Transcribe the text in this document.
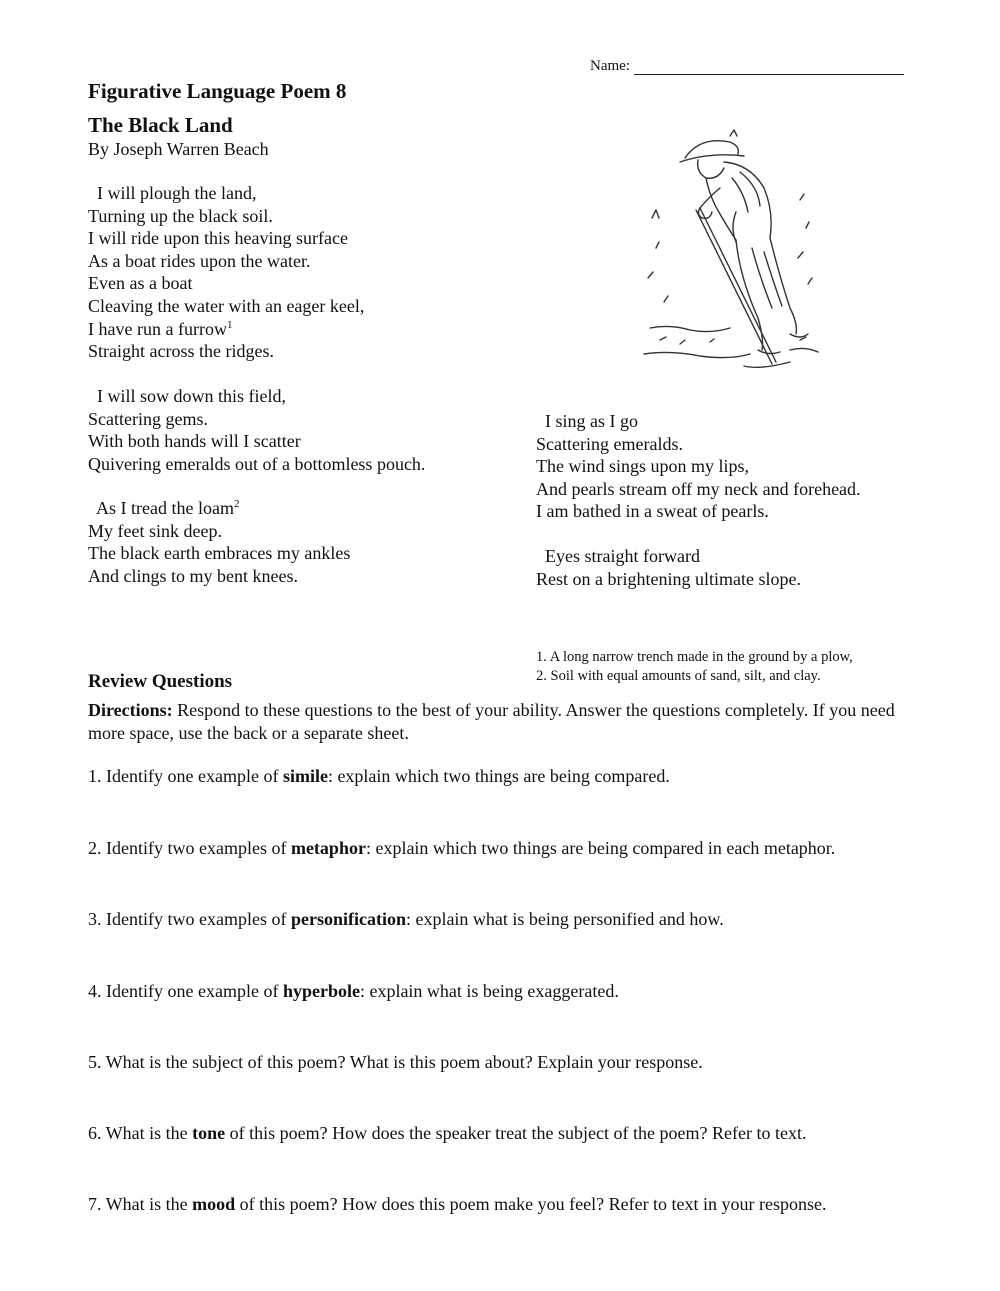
Name:
Figurative Language Poem 8
The Black Land
By Joseph Warren Beach
I will plough the land,
Turning up the black soil.
I will ride upon this heaving surface
As a boat rides upon the water.
Even as a boat
Cleaving the water with an eager keel,
I have run a furrow$^1$
Straight across the ridges.
I will sow down this field,
Scattering gems.
With both hands will I scatter
Quivering emeralds out of a bottomless pouch.
As I tread the loam$^2$
My feet sink deep.
The black earth embraces my ankles
And clings to my bent knees.
I sing as I go
Scattering emeralds.
The wind sings upon my lips,
And pearls stream off my neck and forehead.
I am bathed in a sweat of pearls.
Eyes straight forward
Rest on a brightening ultimate slope.
1. A long narrow trench made in the ground by a plow,
2. Soil with equal amounts of sand, silt, and clay.
Review Questions
Directions: Respond to these questions to the best of your ability. Answer the questions completely. If you need more space, use the back or a separate sheet.
1. Identify one example of simile: explain which two things are being compared.
2. Identify two examples of metaphor: explain which two things are being compared in each metaphor.
3. Identify two examples of personification: explain what is being personified and how.
4. Identify one example of hyperbole: explain what is being exaggerated.
5. What is the subject of this poem? What is this poem about? Explain your response.
6. What is the tone of this poem? How does the speaker treat the subject of the poem? Refer to text.
7. What is the mood of this poem? How does this poem make you feel? Refer to text in your response.
